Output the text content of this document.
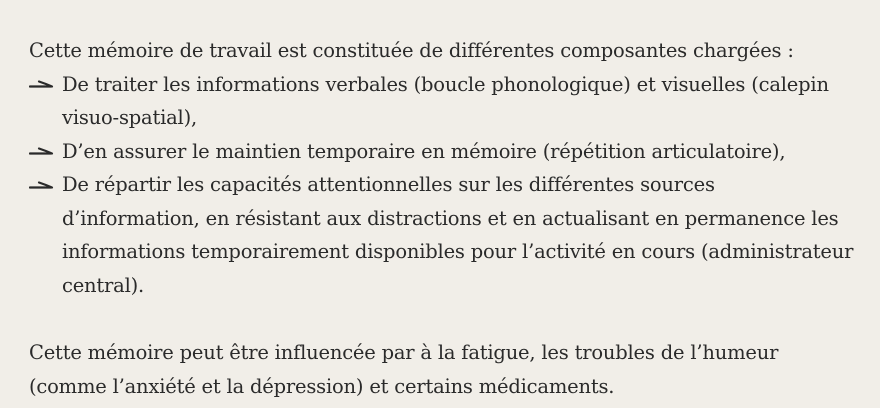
Cette mémoire de travail est constituée de différentes composantes chargées :

De traiter les informations verbales (boucle phonologique) et visuelles (calepin visuo-spatial),
D’en assurer le maintien temporaire en mémoire (répétition articulatoire),
De répartir les capacités attentionnelles sur les différentes sources d’information, en résistant aux distractions et en actualisant en permanence les informations temporairement disponibles pour l’activité en cours (administrateur central).

Cette mémoire peut être influencée par à la fatigue, les troubles de l’humeur (comme l’anxiété et la dépression) et certains médicaments.
